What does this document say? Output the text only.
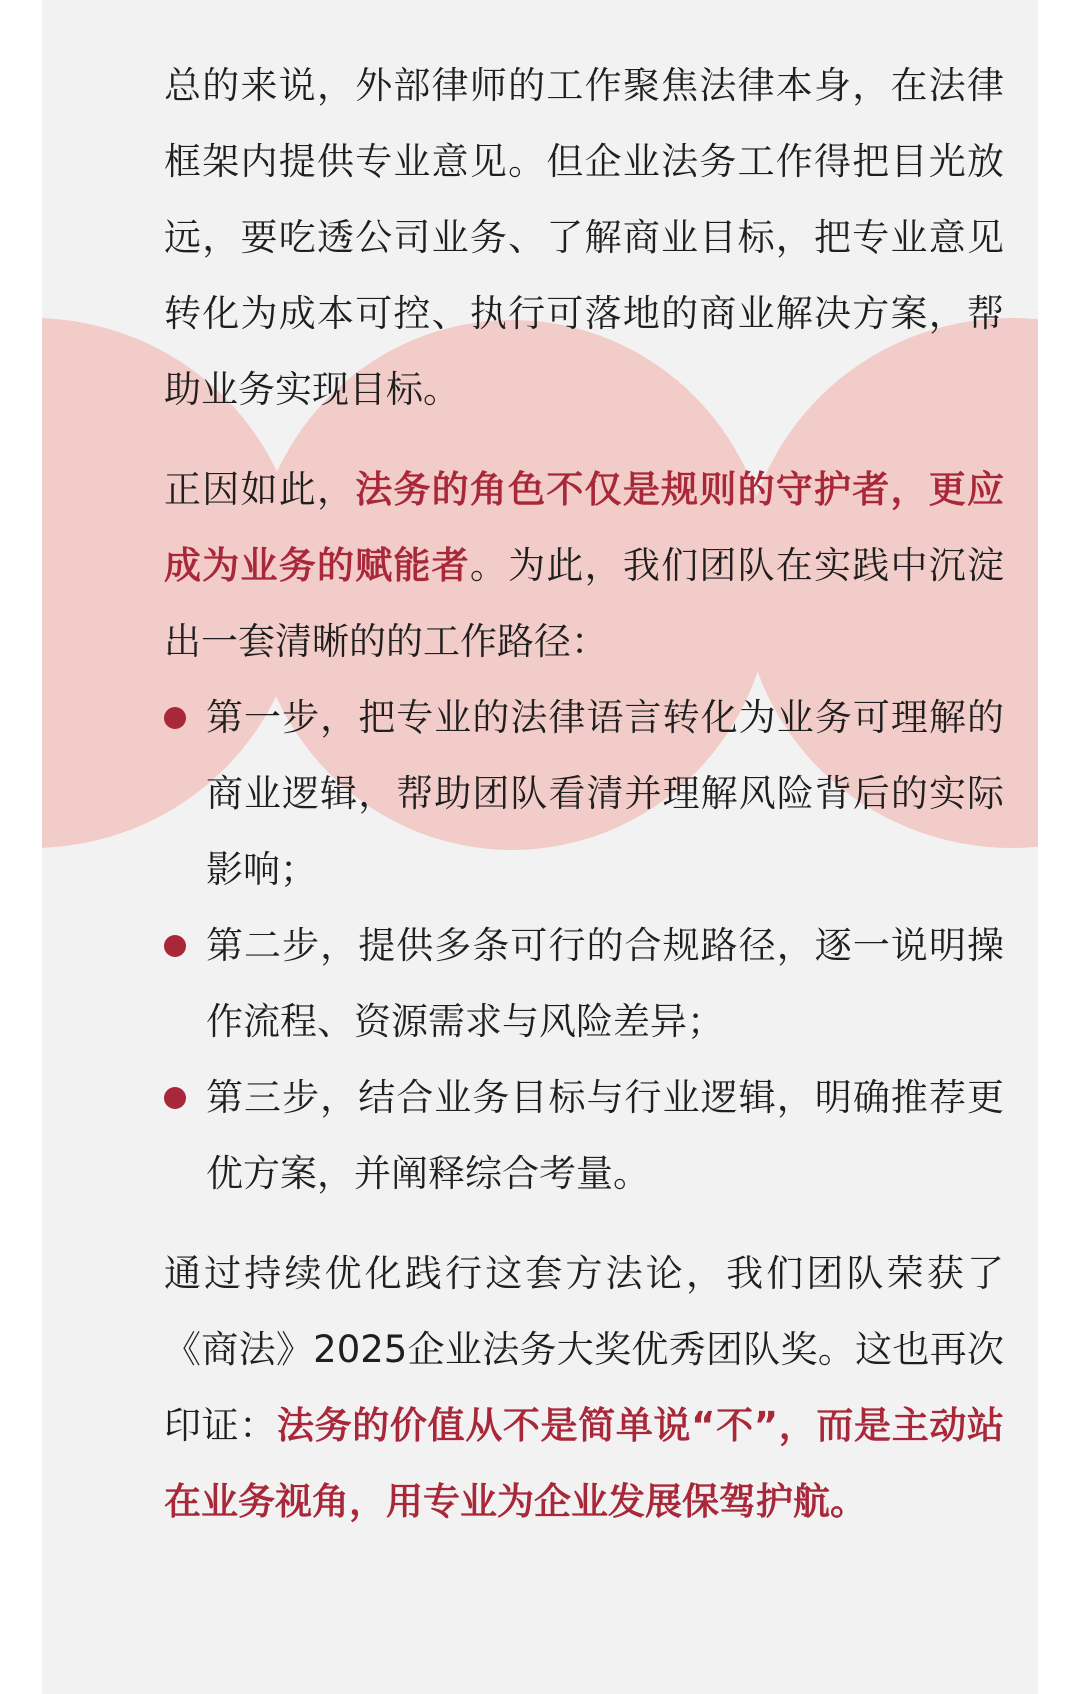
总的来说，外部律师的工作聚焦法律本身，在法律框架内提供专业意见。但企业法务工作得把目光放远，要吃透公司业务、了解商业目标，把专业意见转化为成本可控、执行可落地的商业解决方案，帮助业务实现目标。

正因如此，法务的角色不仅是规则的守护者，更应成为业务的赋能者。为此，我们团队在实践中沉淀出一套清晰的的工作路径：

第一步，把专业的法律语言转化为业务可理解的商业逻辑，帮助团队看清并理解风险背后的实际影响；
第二步，提供多条可行的合规路径，逐一说明操作流程、资源需求与风险差异；
第三步，结合业务目标与行业逻辑，明确推荐更优方案，并阐释综合考量。

通过持续优化践行这套方法论，我们团队荣获了《商法》2025企业法务大奖优秀团队奖。这也再次印证：法务的价值从不是简单说“不”，而是主动站在业务视角，用专业为企业发展保驾护航。
